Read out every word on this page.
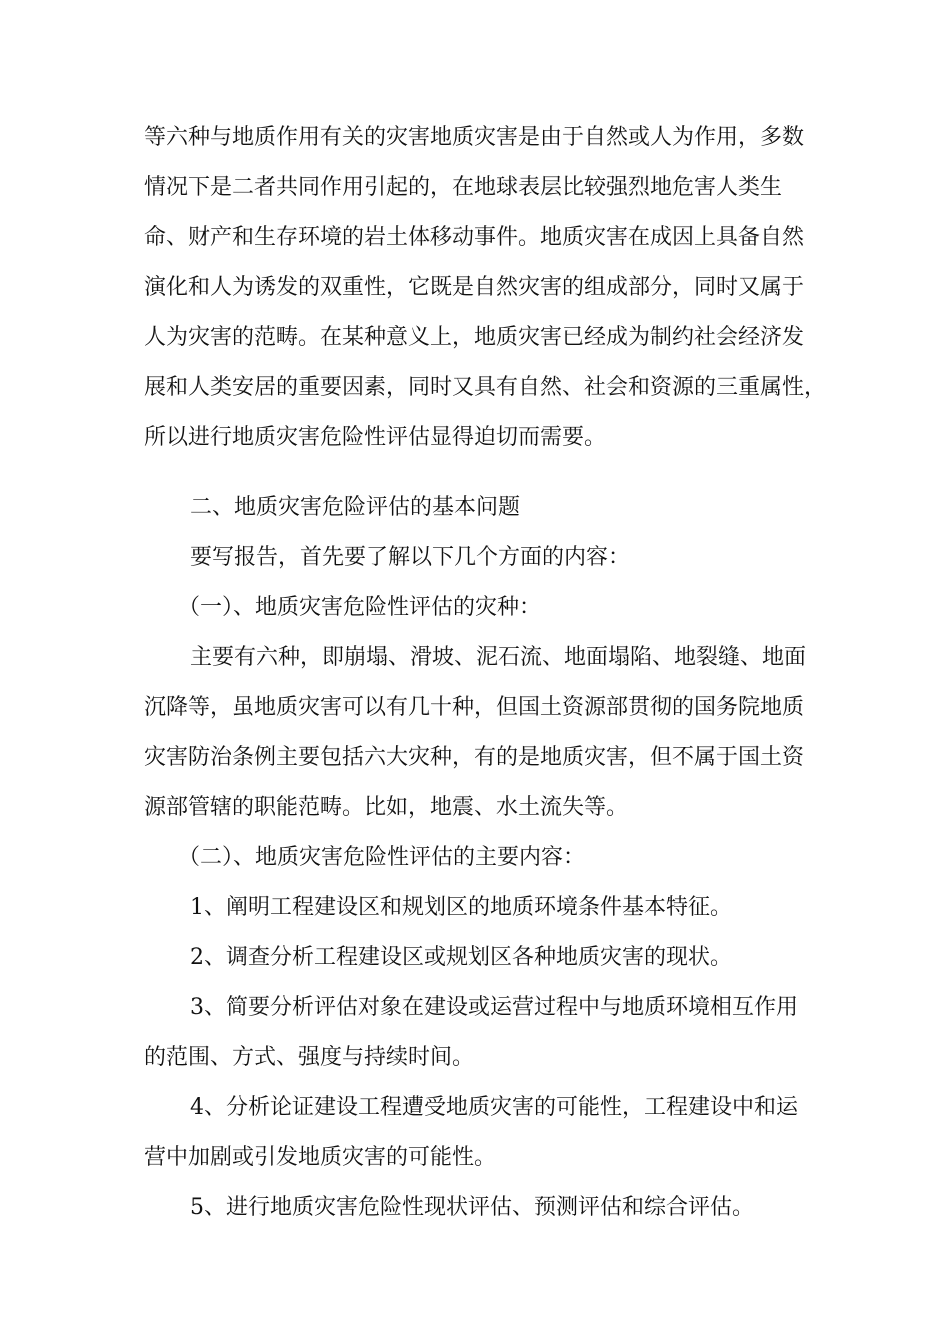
等六种与地质作用有关的灾害地质灾害是由于自然或人为作用，多数
情况下是二者共同作用引起的，在地球表层比较强烈地危害人类生
命、财产和生存环境的岩土体移动事件。地质灾害在成因上具备自然
演化和人为诱发的双重性，它既是自然灾害的组成部分，同时又属于
人为灾害的范畴。在某种意义上，地质灾害已经成为制约社会经济发
展和人类安居的重要因素，同时又具有自然、社会和资源的三重属性，
所以进行地质灾害危险性评估显得迫切而需要。
二、地质灾害危险评估的基本问题
要写报告，首先要了解以下几个方面的内容：
（一）、地质灾害危险性评估的灾种：
主要有六种，即崩塌、滑坡、泥石流、地面塌陷、地裂缝、地面
沉降等，虽地质灾害可以有几十种，但国土资源部贯彻的国务院地质
灾害防治条例主要包括六大灾种，有的是地质灾害，但不属于国土资
源部管辖的职能范畴。比如，地震、水土流失等。
（二）、地质灾害危险性评估的主要内容：
1、阐明工程建设区和规划区的地质环境条件基本特征。
2、调查分析工程建设区或规划区各种地质灾害的现状。
3、简要分析评估对象在建设或运营过程中与地质环境相互作用
的范围、方式、强度与持续时间。
4、分析论证建设工程遭受地质灾害的可能性，工程建设中和运
营中加剧或引发地质灾害的可能性。
5、进行地质灾害危险性现状评估、预测评估和综合评估。
